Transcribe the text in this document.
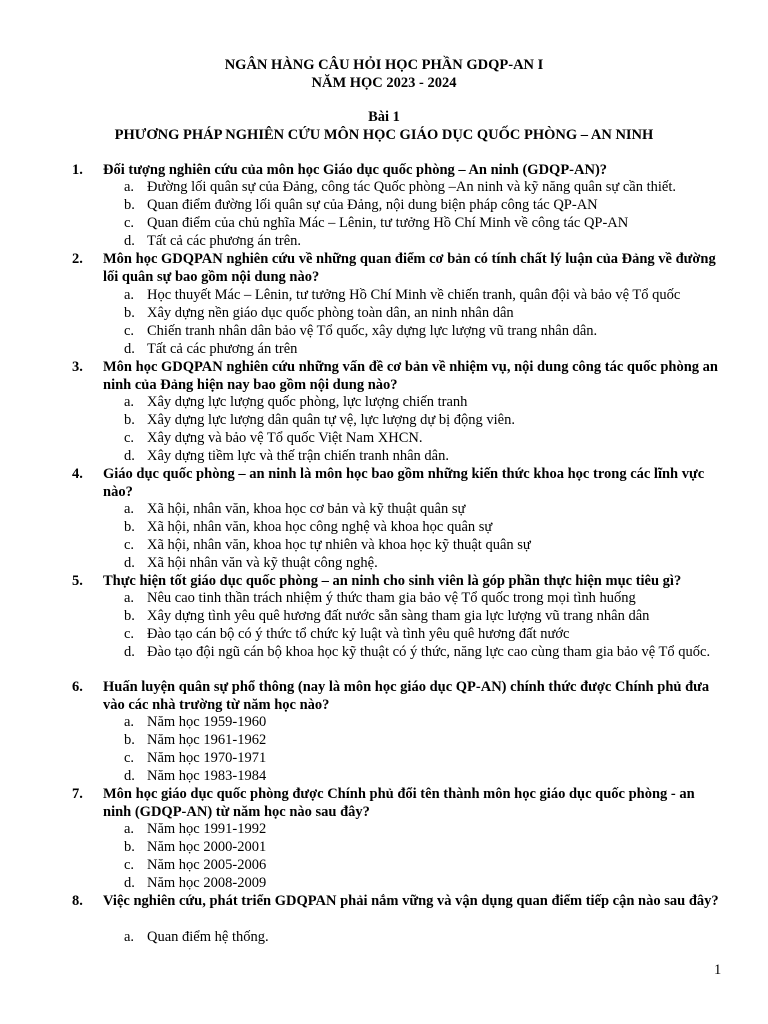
NGÂN HÀNG CÂU HỎI HỌC PHẦN GDQP-AN I
NĂM HỌC 2023 - 2024
Bài 1
PHƯƠNG PHÁP NGHIÊN CỨU MÔN HỌC GIÁO DỤC QUỐC PHÒNG – AN NINH
1. Đối tượng nghiên cứu của môn học Giáo dục quốc phòng – An ninh (GDQP-AN)?
a. Đường lối quân sự của Đảng, công tác Quốc phòng –An ninh và kỹ năng quân sự cần thiết.
b. Quan điểm đường lối quân sự của Đảng, nội dung biện pháp công tác QP-AN
c. Quan điểm của chủ nghĩa Mác – Lênin, tư tưởng Hồ Chí Minh về công tác QP-AN
d. Tất cả các phương án trên.
2. Môn học GDQPAN nghiên cứu về những quan điểm cơ bản có tính chất lý luận của Đảng về đường lối quân sự bao gồm nội dung nào?
a. Học thuyết Mác – Lênin, tư tưởng Hồ Chí Minh về chiến tranh, quân đội và bảo vệ Tổ quốc
b. Xây dựng nền giáo dục quốc phòng toàn dân, an ninh nhân dân
c. Chiến tranh nhân dân bảo vệ Tổ quốc, xây dựng lực lượng vũ trang nhân dân.
d. Tất cả các phương án trên
3. Môn học GDQPAN nghiên cứu những vấn đề cơ bản về nhiệm vụ, nội dung công tác quốc phòng an ninh của Đảng hiện nay bao gồm nội dung nào?
a. Xây dựng lực lượng quốc phòng, lực lượng chiến tranh
b. Xây dựng lực lượng dân quân tự vệ, lực lượng dự bị động viên.
c. Xây dựng và bảo vệ Tổ quốc Việt Nam XHCN.
d. Xây dựng tiềm lực và thế trận chiến tranh nhân dân.
4. Giáo dục quốc phòng – an ninh là môn học bao gồm những kiến thức khoa học trong các lĩnh vực nào?
a. Xã hội, nhân văn, khoa học cơ bản và kỹ thuật quân sự
b. Xã hội, nhân văn, khoa học công nghệ và khoa học quân sự
c. Xã hội, nhân văn, khoa học tự nhiên và khoa học kỹ thuật quân sự
d. Xã hội nhân văn và kỹ thuật công nghệ.
5. Thực hiện tốt giáo dục quốc phòng – an ninh cho sinh viên là góp phần thực hiện mục tiêu gì?
a. Nêu cao tinh thần trách nhiệm ý thức tham gia bảo vệ Tổ quốc trong mọi tình huống
b. Xây dựng tình yêu quê hương đất nước sẵn sàng tham gia lực lượng vũ trang nhân dân
c. Đào tạo cán bộ có ý thức tổ chức kỷ luật và tình yêu quê hương đất nước
d. Đào tạo đội ngũ cán bộ khoa học kỹ thuật có ý thức, năng lực cao cùng tham gia bảo vệ Tổ quốc.
6. Huấn luyện quân sự phổ thông (nay là môn học giáo dục QP-AN) chính thức được Chính phủ đưa vào các nhà trường từ năm học nào?
a. Năm học 1959-1960
b. Năm học 1961-1962
c. Năm học 1970-1971
d. Năm học 1983-1984
7. Môn học giáo dục quốc phòng được Chính phủ đổi tên thành môn học giáo dục quốc phòng - an ninh (GDQP-AN) từ năm học nào sau đây?
a. Năm học 1991-1992
b. Năm học 2000-2001
c. Năm học 2005-2006
d. Năm học 2008-2009
8. Việc nghiên cứu, phát triển GDQPAN phải nắm vững và vận dụng quan điểm tiếp cận nào sau đây?
a. Quan điểm hệ thống.
1
